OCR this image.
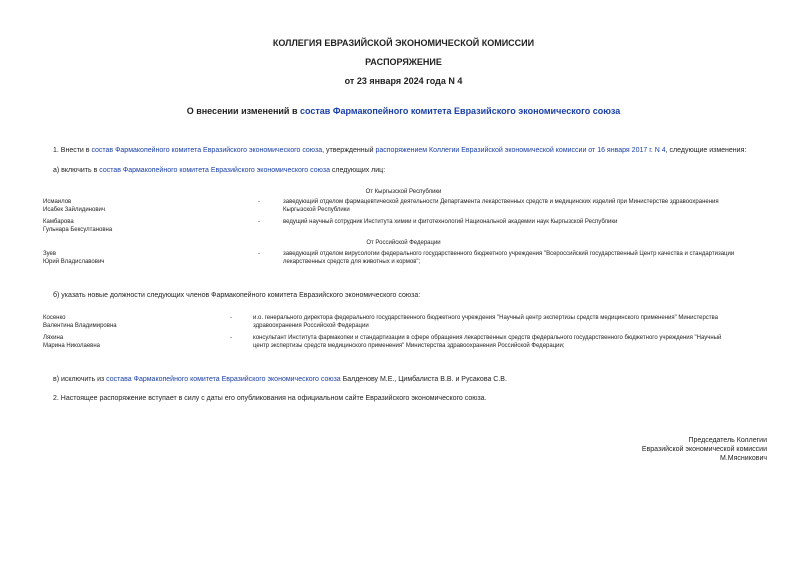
КОЛЛЕГИЯ ЕВРАЗИЙСКОЙ ЭКОНОМИЧЕСКОЙ КОМИССИИ
РАСПОРЯЖЕНИЕ
от 23 января 2024 года N 4
О внесении изменений в состав Фармакопейного комитета Евразийского экономического союза
1. Внести в состав Фармакопейного комитета Евразийского экономического союза, утвержденный распоряжением Коллегии Евразийской экономической комиссии от 16 января 2017 г. N 4, следующие изменения:
а) включить в состав Фармакопейного комитета Евразийского экономического союза следующих лиц:
От Кыргызской Республики
Исмаилов
Исабек Зайлидинович
-	заведующий отделом фармацевтической деятельности Департамента лекарственных средств и медицинских изделий при Министерстве здравоохранения
Кыргызской Республики
Камбарова
Гульнара Бексултановна
-	ведущий научный сотрудник Института химии и фитотехнологий Национальной академии наук Кыргызской Республики
От Российской Федерации
Зуев
Юрий Владиславович
-	заведующий отделом вирусологии федерального государственного бюджетного учреждения "Всероссийский государственный Центр качества и стандартизации
лекарственных средств для животных и кормов";
б) указать новые должности следующих членов Фармакопейного комитета Евразийского экономического союза:
Косенко
Валентина Владимировна
-	и.о. генерального директора федерального государственного бюджетного учреждения "Научный центр экспертизы средств медицинского применения" Министерства
здравоохранения Российской Федерации
Ляхина
Марина Николаевна
-	консультант Института фармакопеи и стандартизации в сфере обращения лекарственных средств федерального государственного бюджетного учреждения "Научный
центр экспертизы средств медицинского применения" Министерства здравоохранения Российской Федерации;
в) исключить из состава Фармакопейного комитета Евразийского экономического союза Балденову М.Е., Цимбалиста В.В. и Русакова С.В.
2. Настоящее распоряжение вступает в силу с даты его опубликования на официальном сайте Евразийского экономического союза.
Председатель Коллегии
Евразийской экономической комиссии
М.Мясникович
